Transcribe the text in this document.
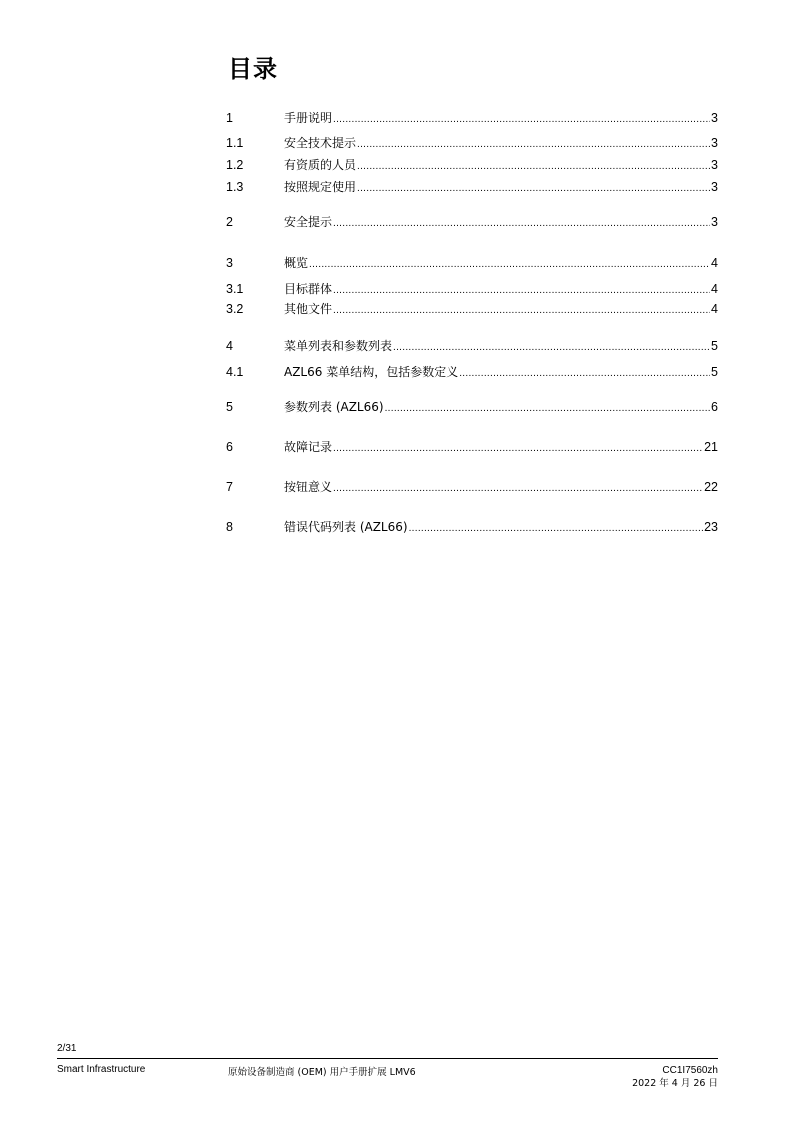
目录
1	手册说明 .....	3
1.1	安全技术提示 .....	3
1.2	有资质的人员 .....	3
1.3	按照规定使用 .....	3
2	安全提示 .....	3
3	概览 .....	4
3.1	目标群体 .....	4
3.2	其他文件 .....	4
4	菜单列表和参数列表 .....	5
4.1	AZL66 菜单结构，包括参数定义 .....	5
5	参数列表 (AZL66) .....	6
6	故障记录 .....	21
7	按钮意义 .....	22
8	错误代码列表 (AZL66) .....	23
2/31
Smart Infrastructure	原始设备制造商 (OEM) 用户手册扩展 LMV6	CC1I7560zh
2022 年 4 月 26 日
